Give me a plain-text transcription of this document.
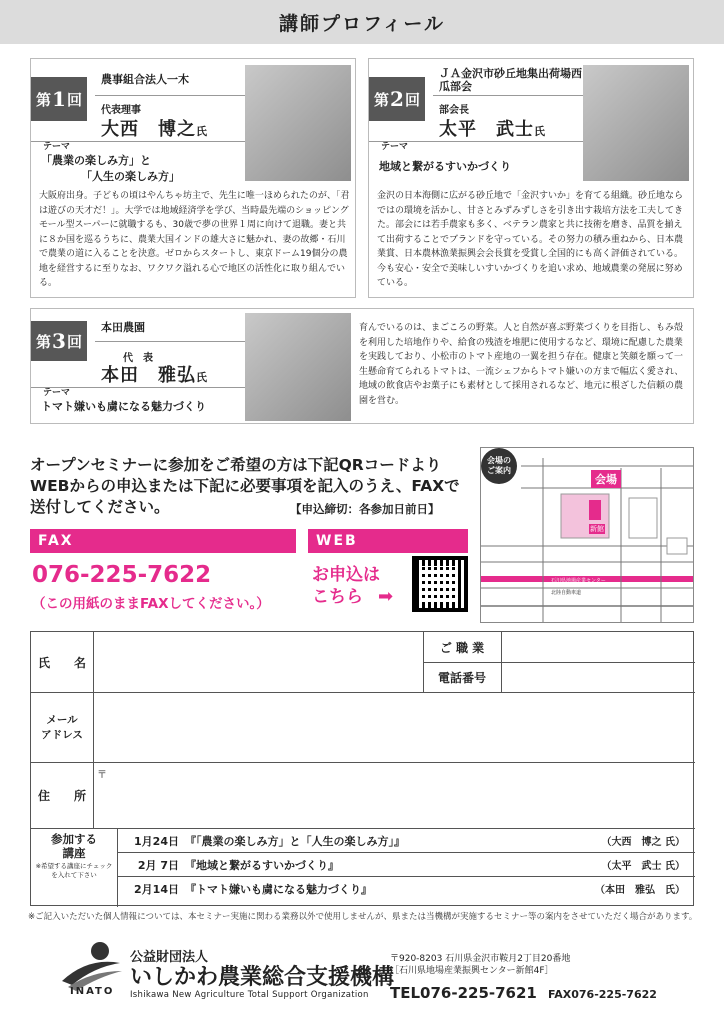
講師プロフィール
第 1 回
農事組合法人一木
代表理事
大西　博之氏
テーマ
「農業の楽しみ方」と
「人生の楽しみ方」
大阪府出身。子どもの頃はやんちゃ坊主で、先生に唯一ほめられたのが、「君は遊びの天才だ！」。大学では地域経済学を学び、当時最先端のショッピングモール型スーパーに就職するも、30歳で夢の世界１周に向けて退職。妻と共に８か国を巡るうちに、農業大国インドの雄大さに魅かれ、妻の故郷・石川で農業の道に入ることを決意。ゼロからスタートし、東京ドーム19個分の農地を経営するに至りなお、ワクワク溢れる心で地区の活性化に取り組んでいる。
第 2 回
ＪＡ金沢市砂丘地集出荷場西瓜部会
部会長
太平　武士氏
テーマ
地域と繋がるすいかづくり
金沢の日本海側に広がる砂丘地で「金沢すいか」を育てる組織。砂丘地ならではの環境を活かし、甘さとみずみずしさを引き出す栽培方法を工夫してきた。部会には若手農家も多く、ベテラン農家と共に技術を磨き、品質を揃えて出荷することでブランドを守っている。その努力の積み重ねから、日本農業賞、日本農林漁業振興会会長賞を受賞し全国的にも高く評価されている。今も安心・安全で美味しいすいかづくりを追い求め、地域農業の発展に努めている。
第 3 回
本田農園
代　表
本田　雅弘氏
テーマ
トマト嫌いも虜になる魅力づくり
育んでいるのは、まごころの野菜。人と自然が喜ぶ野菜づくりを目指し、もみ殻を利用した培地作りや、給食の残渣を堆肥に使用するなど、環境に配慮した農業を実践しており、小松市のトマト産地の一翼を担う存在。健康と笑顔を願って一生懸命育てられるトマトは、一流シェフからトマト嫌いの方まで幅広く愛され、地域の飲食店やお菓子にも素材として採用されるなど、地元に根ざした信頼の農園を営む。
オープンセミナーに参加をご希望の方は下記QRコードより
WEBからの申込または下記に必要事項を記入のうえ、FAXで
送付してください。	【申込締切：各参加日前日】
FAX	WEB
076-225-7622
（この用紙のままFAXしてください。）
お申込は
こちら ➡
会場の
ご案内
会場
新館
石川県地場産業センター
北陸自動車道
氏　　名
ご 職 業
電話番号
メール
アドレス
住　　所
〒
参加する
講座
※希望する講座にチェックを入れて下さい
1月24日 『「農業の楽しみ方」と「人生の楽しみ方」』	（大西　博之 氏）
2月 7日 『地域と繋がるすいかづくり』	（太平　武士 氏）
2月14日 『トマト嫌いも虜になる魅力づくり』	（本田　雅弘　氏）
※ご記入いただいた個人情報については、本セミナー実施に関わる業務以外で使用しませんが、県または当機構が実施するセミナー等の案内をさせていただく場合があります。
INATO
公益財団法人
いしかわ農業総合支援機構
Ishikawa New Agriculture Total Support Organization
〒920-8203 石川県金沢市鞍月2丁目20番地
［石川県地場産業振興センター新館4F］
TEL076-225-7621 FAX076-225-7622
